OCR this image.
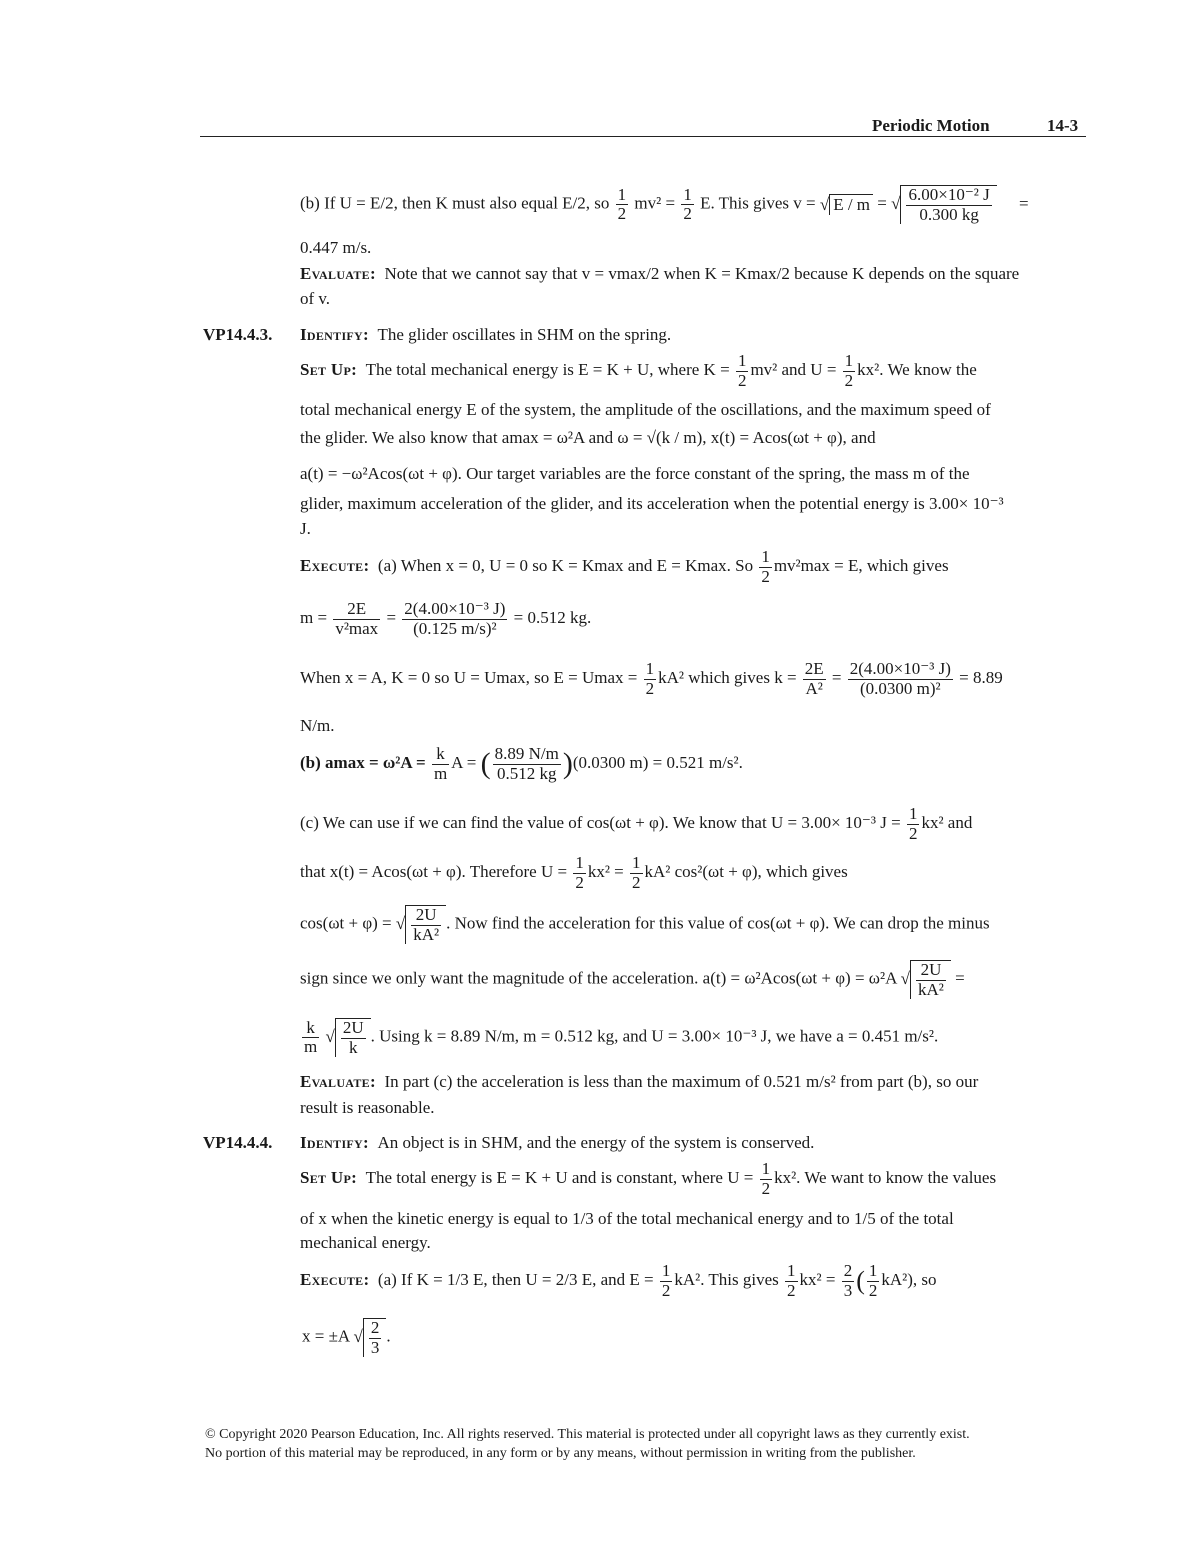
Periodic Motion	14-3
(b) If U = E/2, then K must also equal E/2, so $\frac{1}{2} mv^2 = \frac{1}{2} E$. This gives v = √ E / m = √ $\frac{\text{6.00×10⁻² J}}{0.300 kg}$ =
0.447 m/s.
Evaluate: Note that we cannot say that v = vmax/2 when K = Kmax/2 because K depends on the square
of v.
VP14.4.3. Identify: The glider oscillates in SHM on the spring.
Set Up: The total mechanical energy is E = K + U, where $K = \frac{1}{2} mv^2$ and $U = \frac{1}{2} kx^2$. We know the
total mechanical energy E of the system, the amplitude of the oscillations, and the maximum speed of
the glider. We also know that amax = ω²A and ω = √(k / m), x(t) = Acos(ωt + φ), and
a(t) = −ω²Acos(ωt + φ). Our target variables are the force constant of the spring, the mass m of the
glider, maximum acceleration of the glider, and its acceleration when the potential energy is 3.00× 10⁻³
J.
Execute: (a) When x = 0, U = 0 so K = Kmax and E = Kmax. So $\frac{1}{2} mv^2\max = E$, which gives
$m = \frac{2E}{\text{v²max}} = \frac{\text{2(4.00×10⁻³ J)}}{\text{(0.125 m/s)²}} = 0.512$ kg.
When x = A, K = 0 so U = Umax, so $E = Umax = \frac{1}{2} kA^2$ which gives $k = \frac{2E}{\text{A²}} = \frac{\text{2(4.00×10⁻³ J)}}{\text{(0.0300 m)²}} = 8.89$
N/m.
(b) $amax = \omega^2A = \frac{k}{m}$ A = ( $\frac{8.89 N/m}{0.512 kg} )(0.0300$ m) = 0.521 m/s².
(c) We can use if we can find the value of cos(ωt + φ). We know that U = 3.00× 10⁻³ $J = \frac{1}{2} kx^2$ and
that x(t) = Acos(ωt + φ). Therefore $U = \frac{1}{2} kx^2 = \frac{1}{2} kA^2$ cos²(ωt + φ), which gives
cos(ωt + φ) = √ $\frac{2U}{\text{kA²}}$ . Now find the acceleration for this value of cos(ωt + φ). We can drop the minus
sign since we only want the magnitude of the acceleration. a(t) = ω²Acos(ωt + φ) = ω²A √ $\frac{2U}{\text{kA²}}$ =
$\frac{k}{m}$ √ $\frac{2U}{k}$ . Using k = 8.89 N/m, m = 0.512 kg, and U = 3.00× 10⁻³ J, we have a = 0.451 m/s².
Evaluate: In part (c) the acceleration is less than the maximum of 0.521 m/s² from part (b), so our
result is reasonable.
VP14.4.4. Identify: An object is in SHM, and the energy of the system is conserved.
Set Up: The total energy is E = K + U and is constant, where $U = \frac{1}{2} kx^2$. We want to know the values
of x when the kinetic energy is equal to 1/3 of the total mechanical energy and to 1/5 of the total
mechanical energy.
Execute: (a) If K = 1/3 E, then U = 2/3 E, and $E = \frac{1}{2} kA^2$. This gives $\frac{1}{2} kx^2 = \frac{2}{3}$ ( $\frac{1}{2} kA^2$), so
x = ±A √ $\frac{2}{3}$ .
© Copyright 2020 Pearson Education, Inc. All rights reserved. This material is protected under all copyright laws as they currently exist.
No portion of this material may be reproduced, in any form or by any means, without permission in writing from the publisher.
